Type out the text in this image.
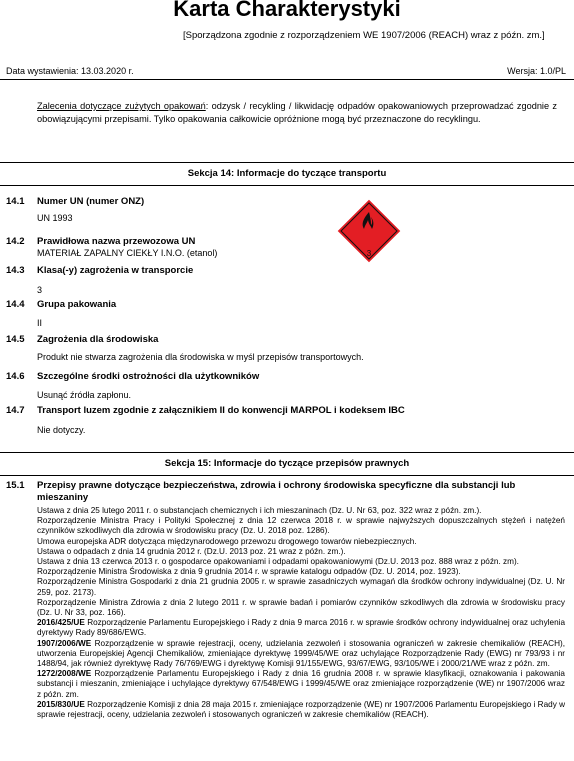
Karta Charakterystyki
[Sporządzona zgodnie z rozporządzeniem WE 1907/2006 (REACH) wraz z późn. zm.]
Data wystawienia: 13.03.2020 r.	Wersja: 1.0/PL
Zalecenia dotyczące zużytych opakowań: odzysk / recykling / likwidację odpadów opakowaniowych przeprowadzać zgodnie z obowiązującymi przepisami. Tylko opakowania całkowicie opróżnione mogą być przeznaczone do recyklingu.
Sekcja 14: Informacje do tyczące transportu
14.1 Numer UN (numer ONZ)
UN 1993
14.2 Prawidłowa nazwa przewozowa UN
MATERIAŁ ZAPALNY CIEKŁY I.N.O. (etanol)
14.3 Klasa(-y) zagrożenia w transporcie
3
14.4 Grupa pakowania
II
14.5 Zagrożenia dla środowiska
Produkt nie stwarza zagrożenia dla środowiska w myśl przepisów transportowych.
14.6 Szczególne środki ostrożności dla użytkowników
Usunąć źródła zapłonu.
14.7 Transport luzem zgodnie z załącznikiem II do konwencji MARPOL i kodeksem IBC
Nie dotyczy.
3
Sekcja 15: Informacje do tyczące przepisów prawnych
15.1 Przepisy prawne dotyczące bezpieczeństwa, zdrowia i ochrony środowiska specyficzne dla substancji lub mieszaniny
Ustawa z dnia 25 lutego 2011 r. o substancjach chemicznych i ich mieszaninach (Dz. U. Nr 63, poz. 322 wraz z późn. zm.).
Rozporządzenie Ministra Pracy i Polityki Społecznej z dnia 12 czerwca 2018 r. w sprawie najwyższych dopuszczalnych stężeń i natężeń czynników szkodliwych dla zdrowia w środowisku pracy (Dz. U. 2018 poz. 1286).
Umowa europejska ADR dotycząca międzynarodowego przewozu drogowego towarów niebezpiecznych.
Ustawa o odpadach z dnia 14 grudnia 2012 r. (Dz.U. 2013 poz. 21 wraz z późn. zm.).
Ustawa z dnia 13 czerwca 2013 r. o gospodarce opakowaniami i odpadami opakowaniowymi (Dz.U. 2013 poz. 888 wraz z późn. zm).
Rozporządzenie Ministra Środowiska z dnia 9 grudnia 2014 r. w sprawie katalogu odpadów (Dz. U. 2014, poz. 1923).
Rozporządzenie Ministra Gospodarki z dnia 21 grudnia 2005 r. w sprawie zasadniczych wymagań dla środków ochrony indywidualnej (Dz. U. Nr 259, poz. 2173).
Rozporządzenie Ministra Zdrowia z dnia 2 lutego 2011 r. w sprawie badań i pomiarów czynników szkodliwych dla zdrowia w środowisku pracy (Dz. U. Nr 33, poz. 166).
2016/425/UE Rozporządzenie Parlamentu Europejskiego i Rady z dnia 9 marca 2016 r. w sprawie środków ochrony indywidualnej oraz uchylenia dyrektywy Rady 89/686/EWG.
1907/2006/WE Rozporządzenie w sprawie rejestracji, oceny, udzielania zezwoleń i stosowania ograniczeń w zakresie chemikaliów (REACH), utworzenia Europejskiej Agencji Chemikaliów, zmieniające dyrektywę 1999/45/WE oraz uchylające Rozporządzenie Rady (EWG) nr 793/93 i nr 1488/94, jak również dyrektywę Rady 76/769/EWG i dyrektywę Komisji 91/155/EWG, 93/67/EWG, 93/105/WE i 2000/21/WE wraz z późn. zm.
1272/2008/WE Rozporządzenie Parlamentu Europejskiego i Rady z dnia 16 grudnia 2008 r. w sprawie klasyfikacji, oznakowania i pakowania substancji i mieszanin, zmieniające i uchylające dyrektywy 67/548/EWG i 1999/45/WE oraz zmieniające rozporządzenie (WE) nr 1907/2006 wraz z późn. zm.
2015/830/UE Rozporządzenie Komisji z dnia 28 maja 2015 r. zmieniające rozporządzenie (WE) nr 1907/2006 Parlamentu Europejskiego i Rady w sprawie rejestracji, oceny, udzielania zezwoleń i stosowanych ograniczeń w zakresie chemikaliów (REACH).
